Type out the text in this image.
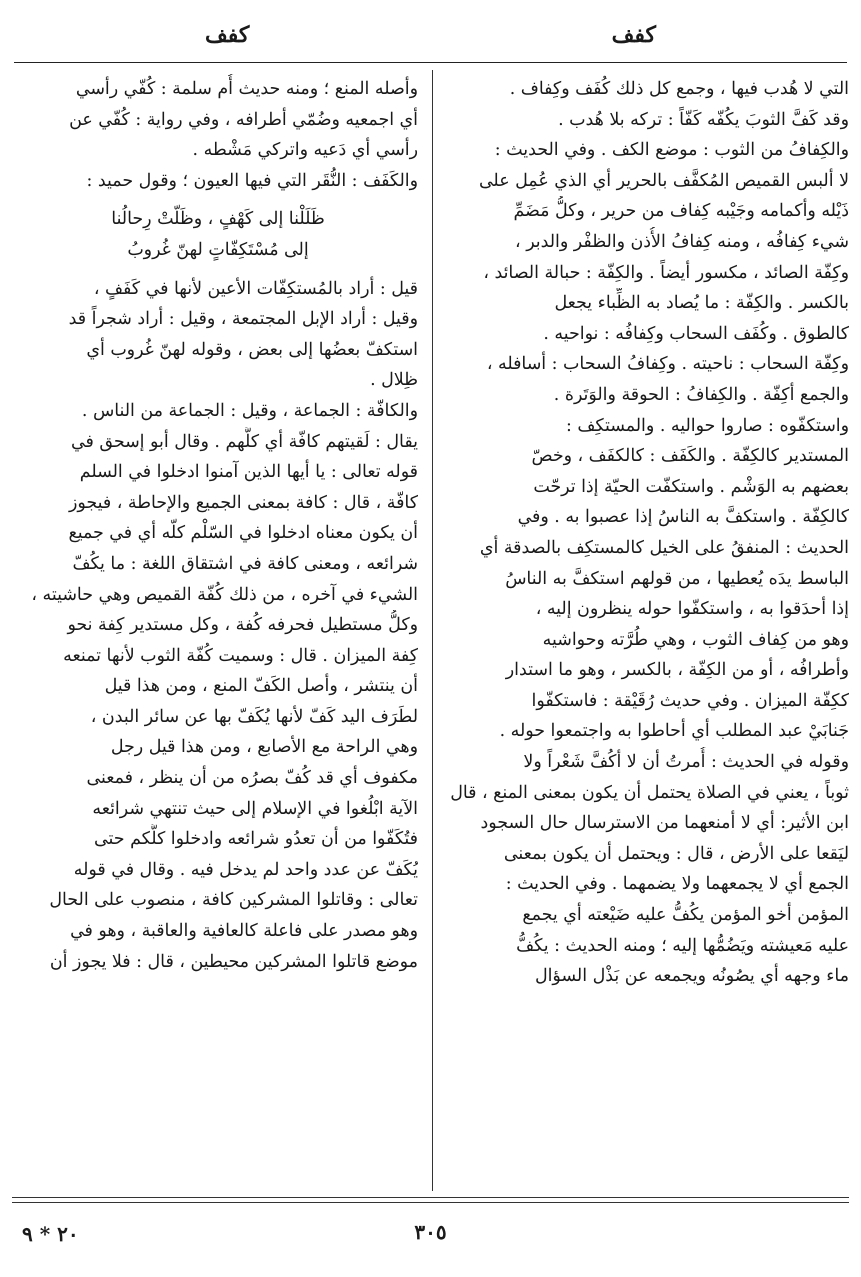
كفف
كفف
التي لا هُدب فيها ، وجمع كل ذلك كُفَف وكِفاف .
وقد كَفَّ الثوبَ يكُفّه كَفّاً : تركه بلا هُدب .
والكِفافُ من الثوب : موضع الكف . وفي الحديث :
لا ألبس القميص المُكفَّف بالحرير أي الذي عُمِل على
ذَيْله وأكمامه وجَيْبه كِفاف من حرير ، وكلُّ مَضَمِّ
شيء كِفافُه ، ومنه كِفافُ الأُذن والظفْر والدبر ،
وكِفّة الصائد ، مكسور أيضاً . والكِفّة : حبالة الصائد ،
بالكسر . والكِفّة : ما يُصاد به الظِّباء يجعل
كالطوق . وكُفَف السحاب وكِفافُه : نواحيه .
وكِفّة السحاب : ناحيته . وكِفافُ السحاب : أسافله ،
والجمع أكِفّة . والكِفافُ : الحوقة والوَتَرة .
واستكفّوه : صاروا حواليه . والمستكِف :
المستدير كالكِفّة . والكَفَف : كالكفَف ، وخصّ
بعضهم به الوَشْم . واستكفّت الحيّة إذا ترحّت
كالكِفّة . واستكفَّ به الناسُ إذا عصبوا به . وفي
الحديث : المنفقُ على الخيل كالمستكِف بالصدقة أي
الباسط يدَه يُعطيها ، من قولهم استكفَّ به الناسُ
إذا أحدَقوا به ، واستكفّوا حوله ينظرون إليه ،
وهو من كِفاف الثوب ، وهي طُرَّته وحواشيه
وأطرافُه ، أو من الكِفّة ، بالكسر ، وهو ما استدار
ككِفّة الميزان . وفي حديث رُقَيْقة : فاستكفّوا
جَنابَيْ عبد المطلب أي أحاطوا به واجتمعوا حوله .
وقوله في الحديث : أُمرتُ أن لا أكُفَّ شَعْراً ولا
ثوباً ، يعني في الصلاة يحتمل أن يكون بمعنى المنع ، قال
ابن الأثير: أي لا أمنعهما من الاسترسال حال السجود
ليَقعا على الأرض ، قال : ويحتمل أن يكون بمعنى
الجمع أي لا يجمعهما ولا يضمهما . وفي الحديث :
المؤمن أخو المؤمن يكُفُّ عليه ضَيْعته أي يجمع
عليه مَعيشته ويَضُمُّها إليه ؛ ومنه الحديث : يكُفُّ
ماء وجهه أي يصُونُه ويجمعه عن بَذْل السؤال
وأصله المنع ؛ ومنه حديث أُم سلمة : كُفّي رأسي
أي اجمعيه وضُمّي أطرافه ، وفي رواية : كُفّي عن
رأسي أي دَعيه واتركي مَشْطه .
والكَفَف : النُّقَر التي فيها العيون ؛ وقول حميد :
ظَلَلْنا إلى كَهْفٍ ، وظَلّتْ رِحالُنا
إلى مُسْتَكِفّاتٍ لهنّ غُروبُ
قيل : أراد بالمُستكِفّات الأعين لأنها في كَفَفٍ ،
وقيل : أراد الإبل المجتمعة ، وقيل : أراد شجراً قد
استكفّ بعضُها إلى بعض ، وقوله لهنّ غُروب أي
ظِلال .
والكافّة : الجماعة ، وقيل : الجماعة من الناس .
يقال : لَقيتهم كافّة أي كلَّهم . وقال أبو إسحق في
قوله تعالى : يا أيها الذين آمنوا ادخلوا في السلم
كافّة ، قال : كافة بمعنى الجميع والإحاطة ، فيجوز
أن يكون معناه ادخلوا في السّلْم كلّه أي في جميع
شرائعه ، ومعنى كافة في اشتقاق اللغة : ما يكُفّ
الشيء في آخره ، من ذلك كُفّة القميص وهي حاشيته ،
وكلُّ مستطيل فحرفه كُفة ، وكل مستدير كِفة نحو
كِفة الميزان . قال : وسميت كُفّة الثوب لأنها تمنعه
أن ينتشر ، وأصل الكَفّ المنع ، ومن هذا قيل
لطَرَف اليد كَفّ لأنها يُكَفّ بها عن سائر البدن ،
وهي الراحة مع الأصابع ، ومن هذا قيل رجل
مكفوف أي قد كُفّ بصرُه من أن ينظر ، فمعنى
الآية ابْلُغوا في الإسلام إلى حيث تنتهي شرائعه
فتُكَفّوا من أن تعدُو شرائعه وادخلوا كلُّكم حتى
يُكَفّ عن عدد واحد لم يدخل فيه . وقال في قوله
تعالى : وقاتلوا المشركين كافة ، منصوب على الحال
وهو مصدر على فاعلة كالعافية والعاقبة ، وهو في
موضع قاتلوا المشركين محيطين ، قال : فلا يجوز أن
٣٠٥
٢٠ * ٩
